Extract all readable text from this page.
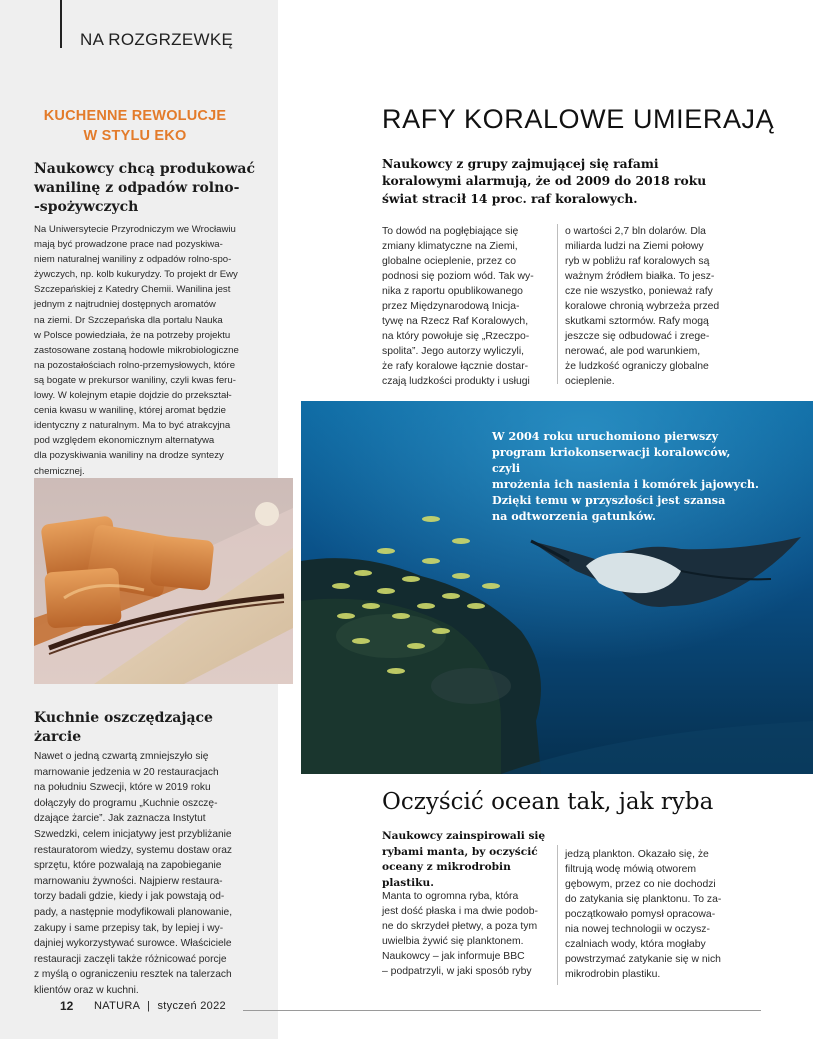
NA ROZGRZEWKĘ
KUCHENNE REWOLUCJE
W STYLU EKO
Naukowcy chcą produkować
wanilinę z odpadów rolno-
-spożywczych
Na Uniwersytecie Przyrodniczym we Wrocławiu
mają być prowadzone prace nad pozyskiwa-
niem naturalnej waniliny z odpadów rolno-spo-
żywczych, np. kolb kukurydzy. To projekt dr Ewy
Szczepańskiej z Katedry Chemii. Wanilina jest
jednym z najtrudniej dostępnych aromatów
na ziemi. Dr Szczepańska dla portalu Nauka
w Polsce powiedziała, że na potrzeby projektu
zastosowane zostaną hodowle mikrobiologiczne
na pozostałościach rolno-przemysłowych, które
są bogate w prekursor waniliny, czyli kwas feru-
lowy. W kolejnym etapie dojdzie do przekształ-
cenia kwasu w wanilinę, której aromat będzie
identyczny z naturalnym. Ma to być atrakcyjna
pod względem ekonomicznym alternatywa
dla pozyskiwania waniliny na drodze syntezy
chemicznej.
Kuchnie oszczędzające
żarcie
Nawet o jedną czwartą zmniejszyło się
marnowanie jedzenia w 20 restauracjach
na południu Szwecji, które w 2019 roku
dołączyły do programu „Kuchnie oszczę-
dzające żarcie”. Jak zaznacza Instytut
Szwedzki, celem inicjatywy jest przybliżanie
restauratorom wiedzy, systemu dostaw oraz
sprzętu, które pozwalają na zapobieganie
marnowaniu żywności. Najpierw restaura-
torzy badali gdzie, kiedy i jak powstają od-
pady, a następnie modyfikowali planowanie,
zakupy i same przepisy tak, by lepiej i wy-
dajniej wykorzystywać surowce. Właściciele
restauracji zaczęli także różnicować porcje
z myślą o ograniczeniu resztek na talerzach
klientów oraz w kuchni.
RAFY KORALOWE UMIERAJĄ
Naukowcy z grupy zajmującej się rafami
koralowymi alarmują, że od 2009 do 2018 roku
świat stracił 14 proc. raf koralowych.
To dowód na pogłębiające się
zmiany klimatyczne na Ziemi,
globalne ocieplenie, przez co
podnosi się poziom wód. Tak wy-
nika z raportu opublikowanego
przez Międzynarodową Inicja-
tywę na Rzecz Raf Koralowych,
na który powołuje się „Rzeczpo-
spolita”. Jego autorzy wyliczyli,
że rafy koralowe łącznie dostar-
czają ludzkości produkty i usługi
o wartości 2,7 bln dolarów. Dla
miliarda ludzi na Ziemi połowy
ryb w pobliżu raf koralowych są
ważnym źródłem białka. To jesz-
cze nie wszystko, ponieważ rafy
koralowe chronią wybrzeża przed
skutkami sztormów. Rafy mogą
jeszcze się odbudować i zrege-
nerować, ale pod warunkiem,
że ludzkość ograniczy globalne
ocieplenie.
W 2004 roku uruchomiono pierwszy
program kriokonserwacji koralowców, czyli
mrożenia ich nasienia i komórek jajowych.
Dzięki temu w przyszłości jest szansa
na odtworzenia gatunków.
Oczyścić ocean tak, jak ryba
Naukowcy zainspirowali się
rybami manta, by oczyścić
oceany z mikrodrobin plastiku.
Manta to ogromna ryba, która
jest dość płaska i ma dwie podob-
ne do skrzydeł płetwy, a poza tym
uwielbia żywić się planktonem.
Naukowcy – jak informuje BBC
– podpatrzyli, w jaki sposób ryby
jedzą plankton. Okazało się, że
filtrują wodę mówią otworem
gębowym, przez co nie dochodzi
do zatykania się planktonu. To za-
początkowało pomysł opracowa-
nia nowej technologii w oczysz-
czalniach wody, która mogłaby
powstrzymać zatykanie się w nich
mikrodrobin plastiku.
12 NATURA | styczeń 2022
